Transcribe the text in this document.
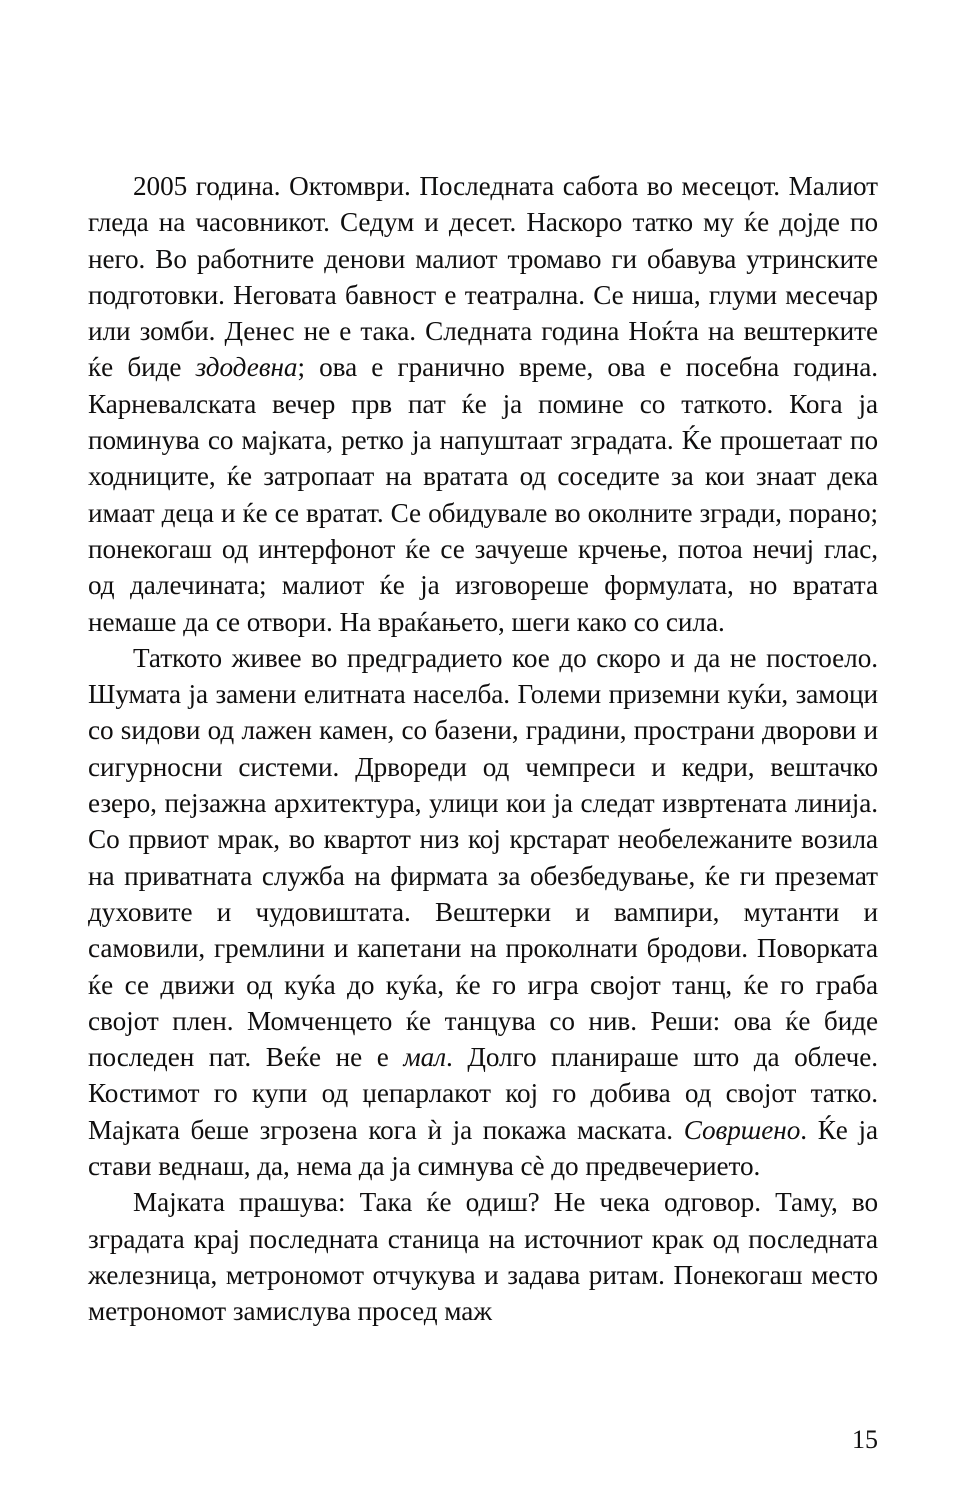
2005 година. Октомври. Последната сабота во месецот. Малиот гледа на часовникот. Седум и десет. Наскоро татко му ќе дојде по него. Во работните денови малиот тромаво ги обавува утринските подготовки. Неговата бавност е театрална. Се ниша, глуми месечар или зомби. Денес не е така. Следната година Ноќта на вештерките ќе биде здодевна; ова е гранично време, ова е посебна година. Карневалската вечер прв пат ќе ја помине со таткото. Кога ја поминува со мајката, ретко ја напуштаат зградата. Ќе прошетаат по ходниците, ќе затропаат на вратата од соседите за кои знаат дека имаат деца и ќе се вратат. Се обидувале во околните згради, порано; понекогаш од интерфонот ќе се зачуеше крчење, потоа нечиј глас, од далечината; малиот ќе ја изговореше формулата, но вратата немаше да се отвори. На враќањето, шеги како со сила.

Таткото живее во предградието кое до скоро и да не постоело. Шумата ја замени елитната населба. Големи приземни куќи, замоци со ѕидови од лажен камен, со базени, градини, пространи дворови и сигурносни системи. Дрвореди од чемпреси и кедри, вештачко езеро, пејзажна архитектура, улици кои ја следат извртената линија. Со првиот мрак, во квартот низ кој крстарат необележаните возила на приватната служба на фирмата за обезбедување, ќе ги преземат духовите и чудовиштата. Вештерки и вампири, мутанти и самовили, гремлини и капетани на проколнати бродови. Поворката ќе се движи од куќа до куќа, ќе го игра својот танц, ќе го граба својот плен. Момченцето ќе танцува со нив. Реши: ова ќе биде последен пат. Веќе не е мал. Долго планираше што да облече. Костимот го купи од џепарлакот кој го добива од својот татко. Мајката беше згрозена кога ѝ ја покажа маската. Совршено. Ќе ја стави веднаш, да, нема да ја симнува сѐ до предвечерието.

Мајката прашува: Така ќе одиш? Не чека одговор. Таму, во зградата крај последната станица на источниот крак од последната железница, метрономот отчукува и задава ритам. Понекогаш место метрономот замислува просед маж

15
